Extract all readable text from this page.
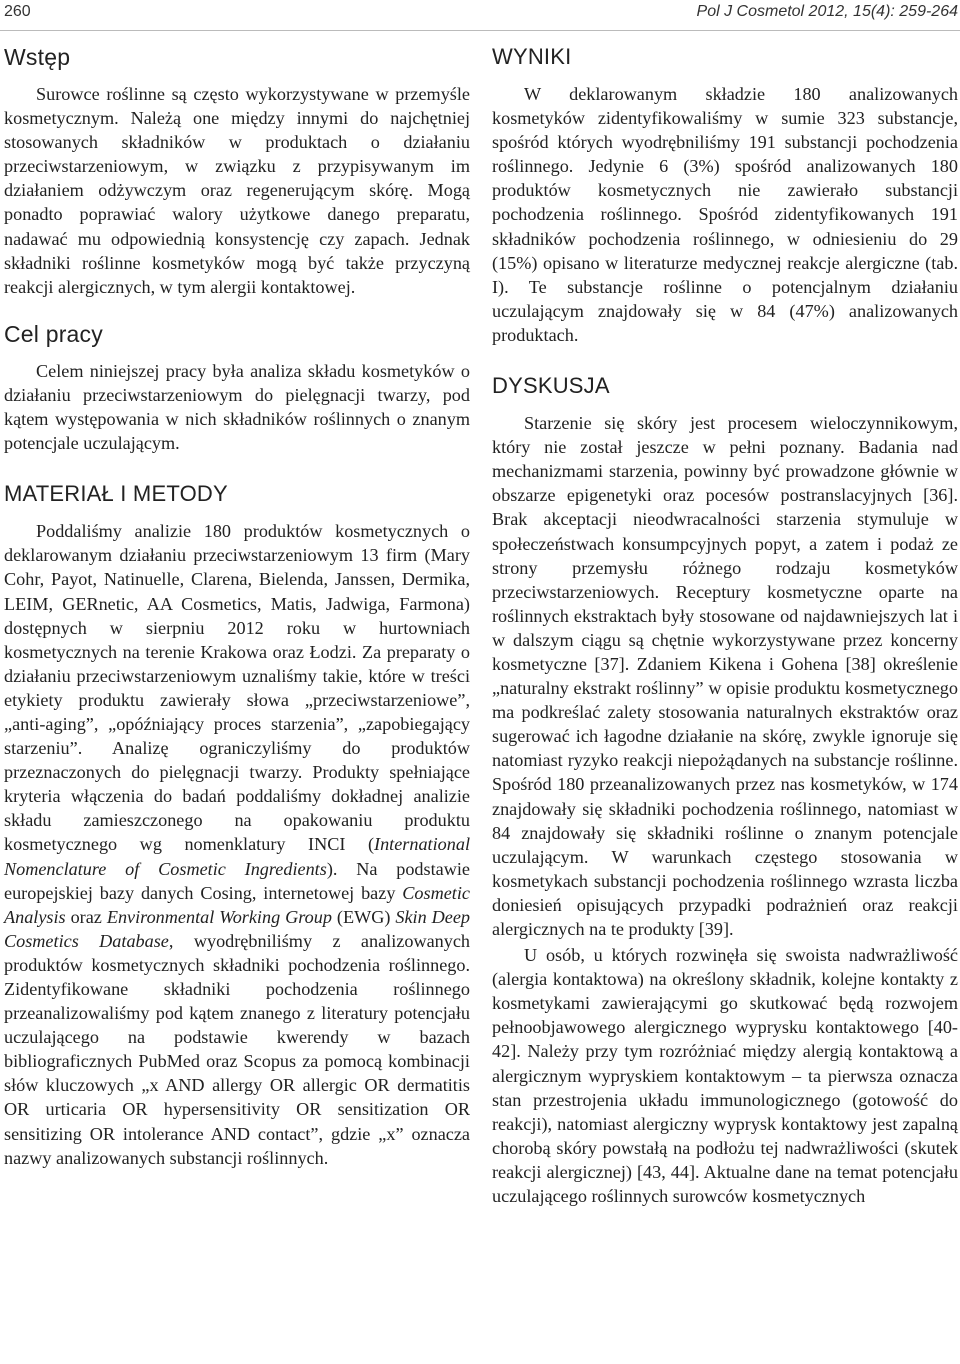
260	Pol J Cosmetol 2012, 15(4): 259-264
Wstęp

Surowce roślinne są często wykorzystywane w przemyśle kosmetycznym. Należą one między innymi do najchętniej stosowanych składników w produktach o działaniu przeciwstarzeniowym, w związku z przypisywanym im działaniem odżywczym oraz regenerującym skórę. Mogą ponadto poprawiać walory użytkowe danego preparatu, nadawać mu odpowiednią konsystencję czy zapach. Jednak składniki roślinne kosmetyków mogą być także przyczyną reakcji alergicznych, w tym alergii kontaktowej.

Cel pracy

Celem niniejszej pracy była analiza składu kosmetyków o działaniu przeciwstarzeniowym do pielęgnacji twarzy, pod kątem występowania w nich składników roślinnych o znanym potencjale uczulającym.

MATERIAŁ I METODY

Poddaliśmy analizie 180 produktów kosmetycznych o deklarowanym działaniu przeciwstarzeniowym 13 firm (Mary Cohr, Payot, Natinuelle, Clarena, Bielenda, Janssen, Dermika, LEIM, GERnetic, AA Cosmetics, Matis, Jadwiga, Farmona) dostępnych w sierpniu 2012 roku w hurtowniach kosmetycznych na terenie Krakowa oraz Łodzi. Za preparaty o działaniu przeciwstarzeniowym uznaliśmy takie, które w treści etykiety produktu zawierały słowa „przeciwstarzeniowe”, „anti-aging”, „opóźniający proces starzenia”, „zapobiegający starzeniu”. Analizę ograniczyliśmy do produktów przeznaczonych do pielęgnacji twarzy. Produkty spełniające kryteria włączenia do badań poddaliśmy dokładnej analizie składu zamieszczonego na opakowaniu produktu kosmetycznego wg nomenklatury INCI (International Nomenclature of Cosmetic Ingredients). Na podstawie europejskiej bazy danych Cosing, internetowej bazy Cosmetic Analysis oraz Environmental Working Group (EWG) Skin Deep Cosmetics Database, wyodrębniliśmy z analizowanych produktów kosmetycznych składniki pochodzenia roślinnego. Zidentyfikowane składniki pochodzenia roślinnego przeanalizowaliśmy pod kątem znanego z literatury potencjału uczulającego na podstawie kwerendy w bazach bibliograficznych PubMed oraz Scopus za pomocą kombinacji słów kluczowych „x AND allergy OR allergic OR dermatitis OR urticaria OR hypersensitivity OR sensitization OR sensitizing OR intolerance AND contact”, gdzie „x” oznacza nazwy analizowanych substancji roślinnych.

WYNIKI

W deklarowanym składzie 180 analizowanych kosmetyków zidentyfikowaliśmy w sumie 323 substancje, spośród których wyodrębniliśmy 191 substancji pochodzenia roślinnego. Jedynie 6 (3%) spośród analizowanych 180 produktów kosmetycznych nie zawierało substancji pochodzenia roślinnego. Spośród zidentyfikowanych 191 składników pochodzenia roślinnego, w odniesieniu do 29 (15%) opisano w literaturze medycznej reakcje alergiczne (tab. I). Te substancje roślinne o potencjalnym działaniu uczulającym znajdowały się w 84 (47%) analizowanych produktach.

DYSKUSJA

Starzenie się skóry jest procesem wieloczynnikowym, który nie został jeszcze w pełni poznany. Badania nad mechanizmami starzenia, powinny być prowadzone głównie w obszarze epigenetyki oraz pocesów postranslacyjnych [36]. Brak akceptacji nieodwracalności starzenia stymuluje w społeczeństwach konsumpcyjnych popyt, a zatem i podaż ze strony przemysłu różnego rodzaju kosmetyków przeciwstarzeniowych. Receptury kosmetyczne oparte na roślinnych ekstraktach były stosowane od najdawniejszych lat i w dalszym ciągu są chętnie wykorzystywane przez koncerny kosmetyczne [37]. Zdaniem Kikena i Gohena [38] określenie „naturalny ekstrakt roślinny” w opisie produktu kosmetycznego ma podkreślać zalety stosowania naturalnych ekstraktów oraz sugerować ich łagodne działanie na skórę, zwykle ignoruje się natomiast ryzyko reakcji niepożądanych na substancje roślinne. Spośród 180 przeanalizowanych przez nas kosmetyków, w 174 znajdowały się składniki pochodzenia roślinnego, natomiast w 84 znajdowały się składniki roślinne o znanym potencjale uczulającym. W warunkach częstego stosowania w kosmetykach substancji pochodzenia roślinnego wzrasta liczba doniesień opisujących przypadki podrażnień oraz reakcji alergicznych na te produkty [39].

U osób, u których rozwinęła się swoista nadwrażliwość (alergia kontaktowa) na określony składnik, kolejne kontakty z kosmetykami zawierającymi go skutkować będą rozwojem pełnoobjawowego alergicznego wyprysku kontaktowego [40-42]. Należy przy tym rozróżniać między alergią kontaktową a alergicznym wypryskiem kontaktowym – ta pierwsza oznacza stan przestrojenia układu immunologicznego (gotowość do reakcji), natomiast alergiczny wyprysk kontaktowy jest zapalną chorobą skóry powstałą na podłożu tej nadwrażliwości (skutek reakcji alergicznej) [43, 44]. Aktualne dane na temat potencjału uczulającego roślinnych surowców kosmetycznych
